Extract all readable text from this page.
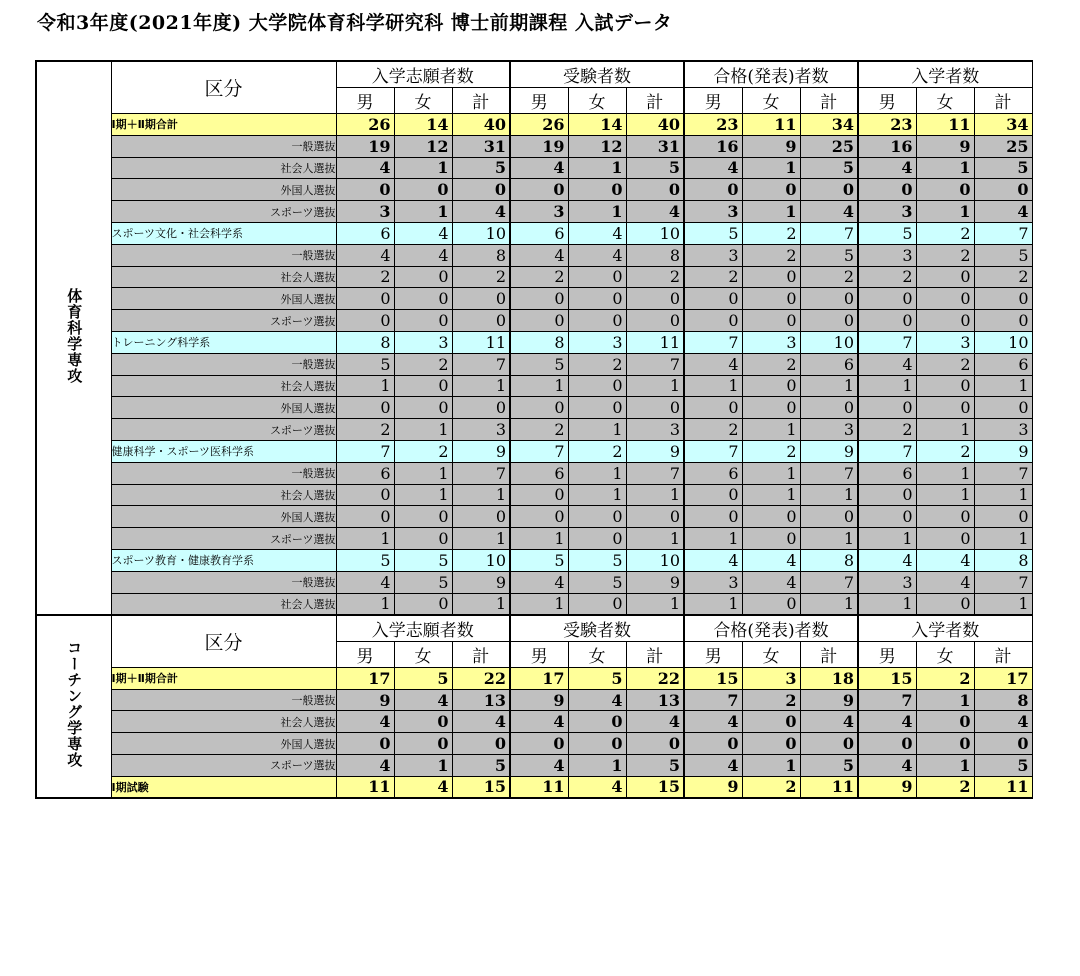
令和3年度(2021年度) 大学院体育科学研究科 博士前期課程 入試データ
体育科学専攻	区分	入学志願者数			受験者数			合格(発表)者数			入学者数		
		男	女	計	男	女	計	男	女	計	男	女	計
	Ⅰ期＋Ⅱ期合計	26	14	40	26	14	40	23	11	34	23	11	34
	一般選抜	19	12	31	19	12	31	16	9	25	16	9	25
	社会人選抜	4	1	5	4	1	5	4	1	5	4	1	5
	外国人選抜	0	0	0	0	0	0	0	0	0	0	0	0
	スポーツ選抜	3	1	4	3	1	4	3	1	4	3	1	4
	スポーツ文化・社会科学系	6	4	10	6	4	10	5	2	7	5	2	7
	一般選抜	4	4	8	4	4	8	3	2	5	3	2	5
	社会人選抜	2	0	2	2	0	2	2	0	2	2	0	2
	外国人選抜	0	0	0	0	0	0	0	0	0	0	0	0
	スポーツ選抜	0	0	0	0	0	0	0	0	0	0	0	0
	トレーニング科学系	8	3	11	8	3	11	7	3	10	7	3	10
	一般選抜	5	2	7	5	2	7	4	2	6	4	2	6
	社会人選抜	1	0	1	1	0	1	1	0	1	1	0	1
	外国人選抜	0	0	0	0	0	0	0	0	0	0	0	0
	スポーツ選抜	2	1	3	2	1	3	2	1	3	2	1	3
	健康科学・スポーツ医科学系	7	2	9	7	2	9	7	2	9	7	2	9
	一般選抜	6	1	7	6	1	7	6	1	7	6	1	7
	社会人選抜	0	1	1	0	1	1	0	1	1	0	1	1
	外国人選抜	0	0	0	0	0	0	0	0	0	0	0	0
	スポーツ選抜	1	0	1	1	0	1	1	0	1	1	0	1
	スポーツ教育・健康教育学系	5	5	10	5	5	10	4	4	8	4	4	8
	一般選抜	4	5	9	4	5	9	3	4	7	3	4	7
	社会人選抜	1	0	1	1	0	1	1	0	1	1	0	1
コーチング学専攻	区分	入学志願者数			受験者数			合格(発表)者数			入学者数		
		男	女	計	男	女	計	男	女	計	男	女	計
	Ⅰ期＋Ⅱ期合計	17	5	22	17	5	22	15	3	18	15	2	17
	一般選抜	9	4	13	9	4	13	7	2	9	7	1	8
	社会人選抜	4	0	4	4	0	4	4	0	4	4	0	4
	外国人選抜	0	0	0	0	0	0	0	0	0	0	0	0
	スポーツ選抜	4	1	5	4	1	5	4	1	5	4	1	5
	Ⅰ期試験	11	4	15	11	4	15	9	2	11	9	2	11
